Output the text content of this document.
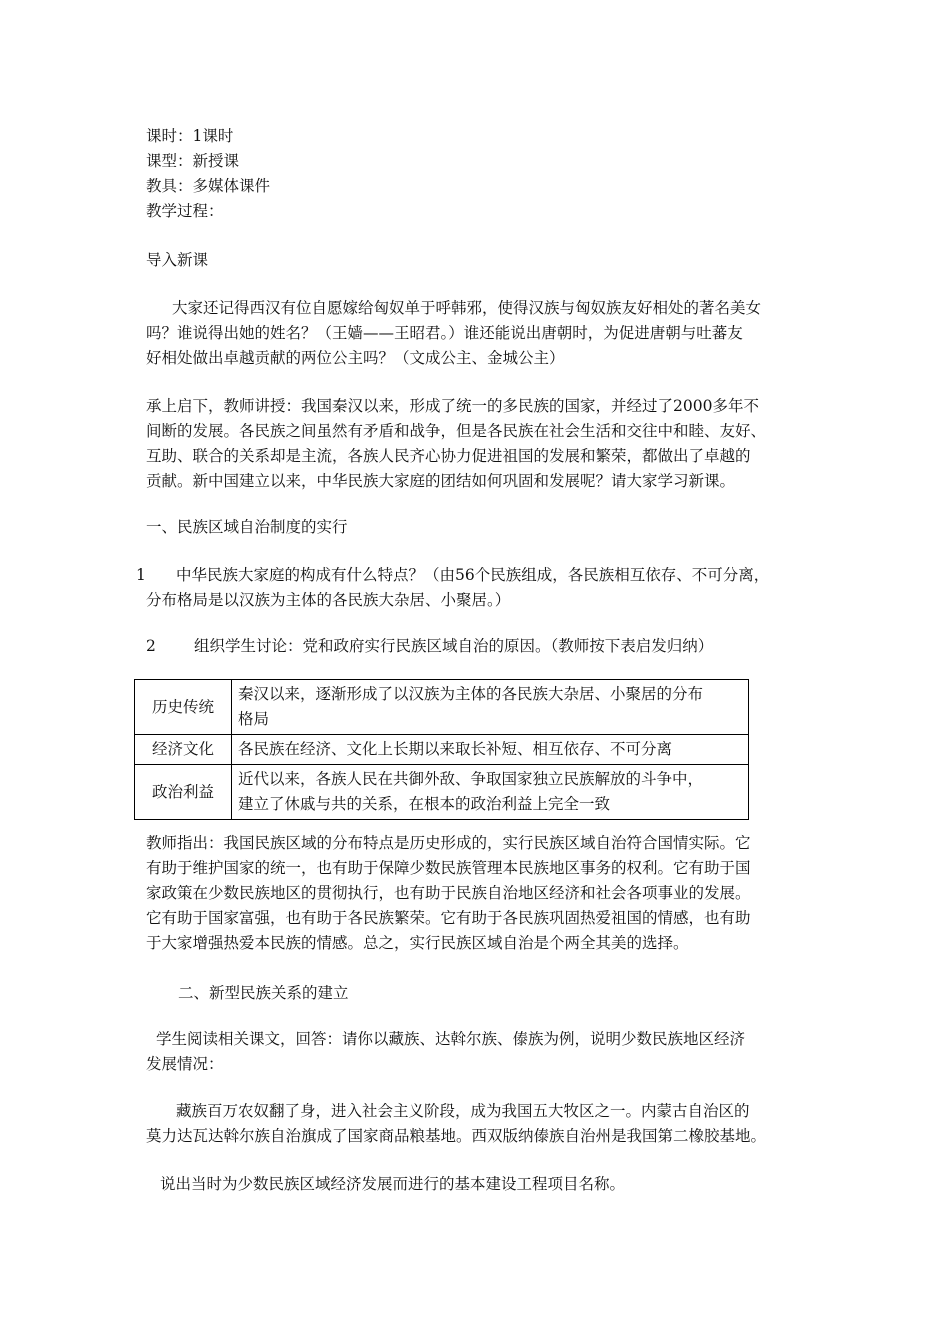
课时：1课时
课型：新授课
教具：多媒体课件
教学过程：
导入新课

大家还记得西汉有位自愿嫁给匈奴单于呼韩邪，使得汉族与匈奴族友好相处的著名美女

吗？谁说得出她的姓名？（王嫱——王昭君。）谁还能说出唐朝时，为促进唐朝与吐蕃友

好相处做出卓越贡献的两位公主吗？（文成公主、金城公主）

承上启下，教师讲授：我国秦汉以来，形成了统一的多民族的国家，并经过了2000多年不

间断的发展。各民族之间虽然有矛盾和战争，但是各民族在社会生活和交往中和睦、友好、

互助、联合的关系却是主流，各族人民齐心协力促进祖国的发展和繁荣，都做出了卓越的

贡献。新中国建立以来，中华民族大家庭的团结如何巩固和发展呢？请大家学习新课。

一、民族区域自治制度的实行
1	中华民族大家庭的构成有什么特点？（由56个民族组成，各民族相互依存、不可分离，

分布格局是以汉族为主体的各民族大杂居、小聚居。）

2 组织学生讨论：党和政府实行民族区域自治的原因。（教师按下表启发归纳）
历史传统	秦汉以来，逐渐形成了以汉族为主体的各民族大杂居、小聚居的分布
格局

经济文化	各民族在经济、文化上长期以来取长补短、相互依存、不可分离

政治利益	近代以来，各族人民在共御外敌、争取国家独立民族解放的斗争中，
建立了休戚与共的关系，在根本的政治利益上完全一致

教师指出：我国民族区域的分布特点是历史形成的，实行民族区域自治符合国情实际。它

有助于维护国家的统一，也有助于保障少数民族管理本民族地区事务的权利。它有助于国

家政策在少数民族地区的贯彻执行，也有助于民族自治地区经济和社会各项事业的发展。

它有助于国家富强，也有助于各民族繁荣。它有助于各民族巩固热爱祖国的情感，也有助

于大家增强热爱本民族的情感。总之，实行民族区域自治是个两全其美的选择。

二、新型民族关系的建立

学生阅读相关课文，回答：请你以藏族、达斡尔族、傣族为例，说明少数民族地区经济

发展情况：

藏族百万农奴翻了身，进入社会主义阶段，成为我国五大牧区之一。内蒙古自治区的

莫力达瓦达斡尔族自治旗成了国家商品粮基地。西双版纳傣族自治州是我国第二橡胶基地。

说出当时为少数民族区域经济发展而进行的基本建设工程项目名称。
